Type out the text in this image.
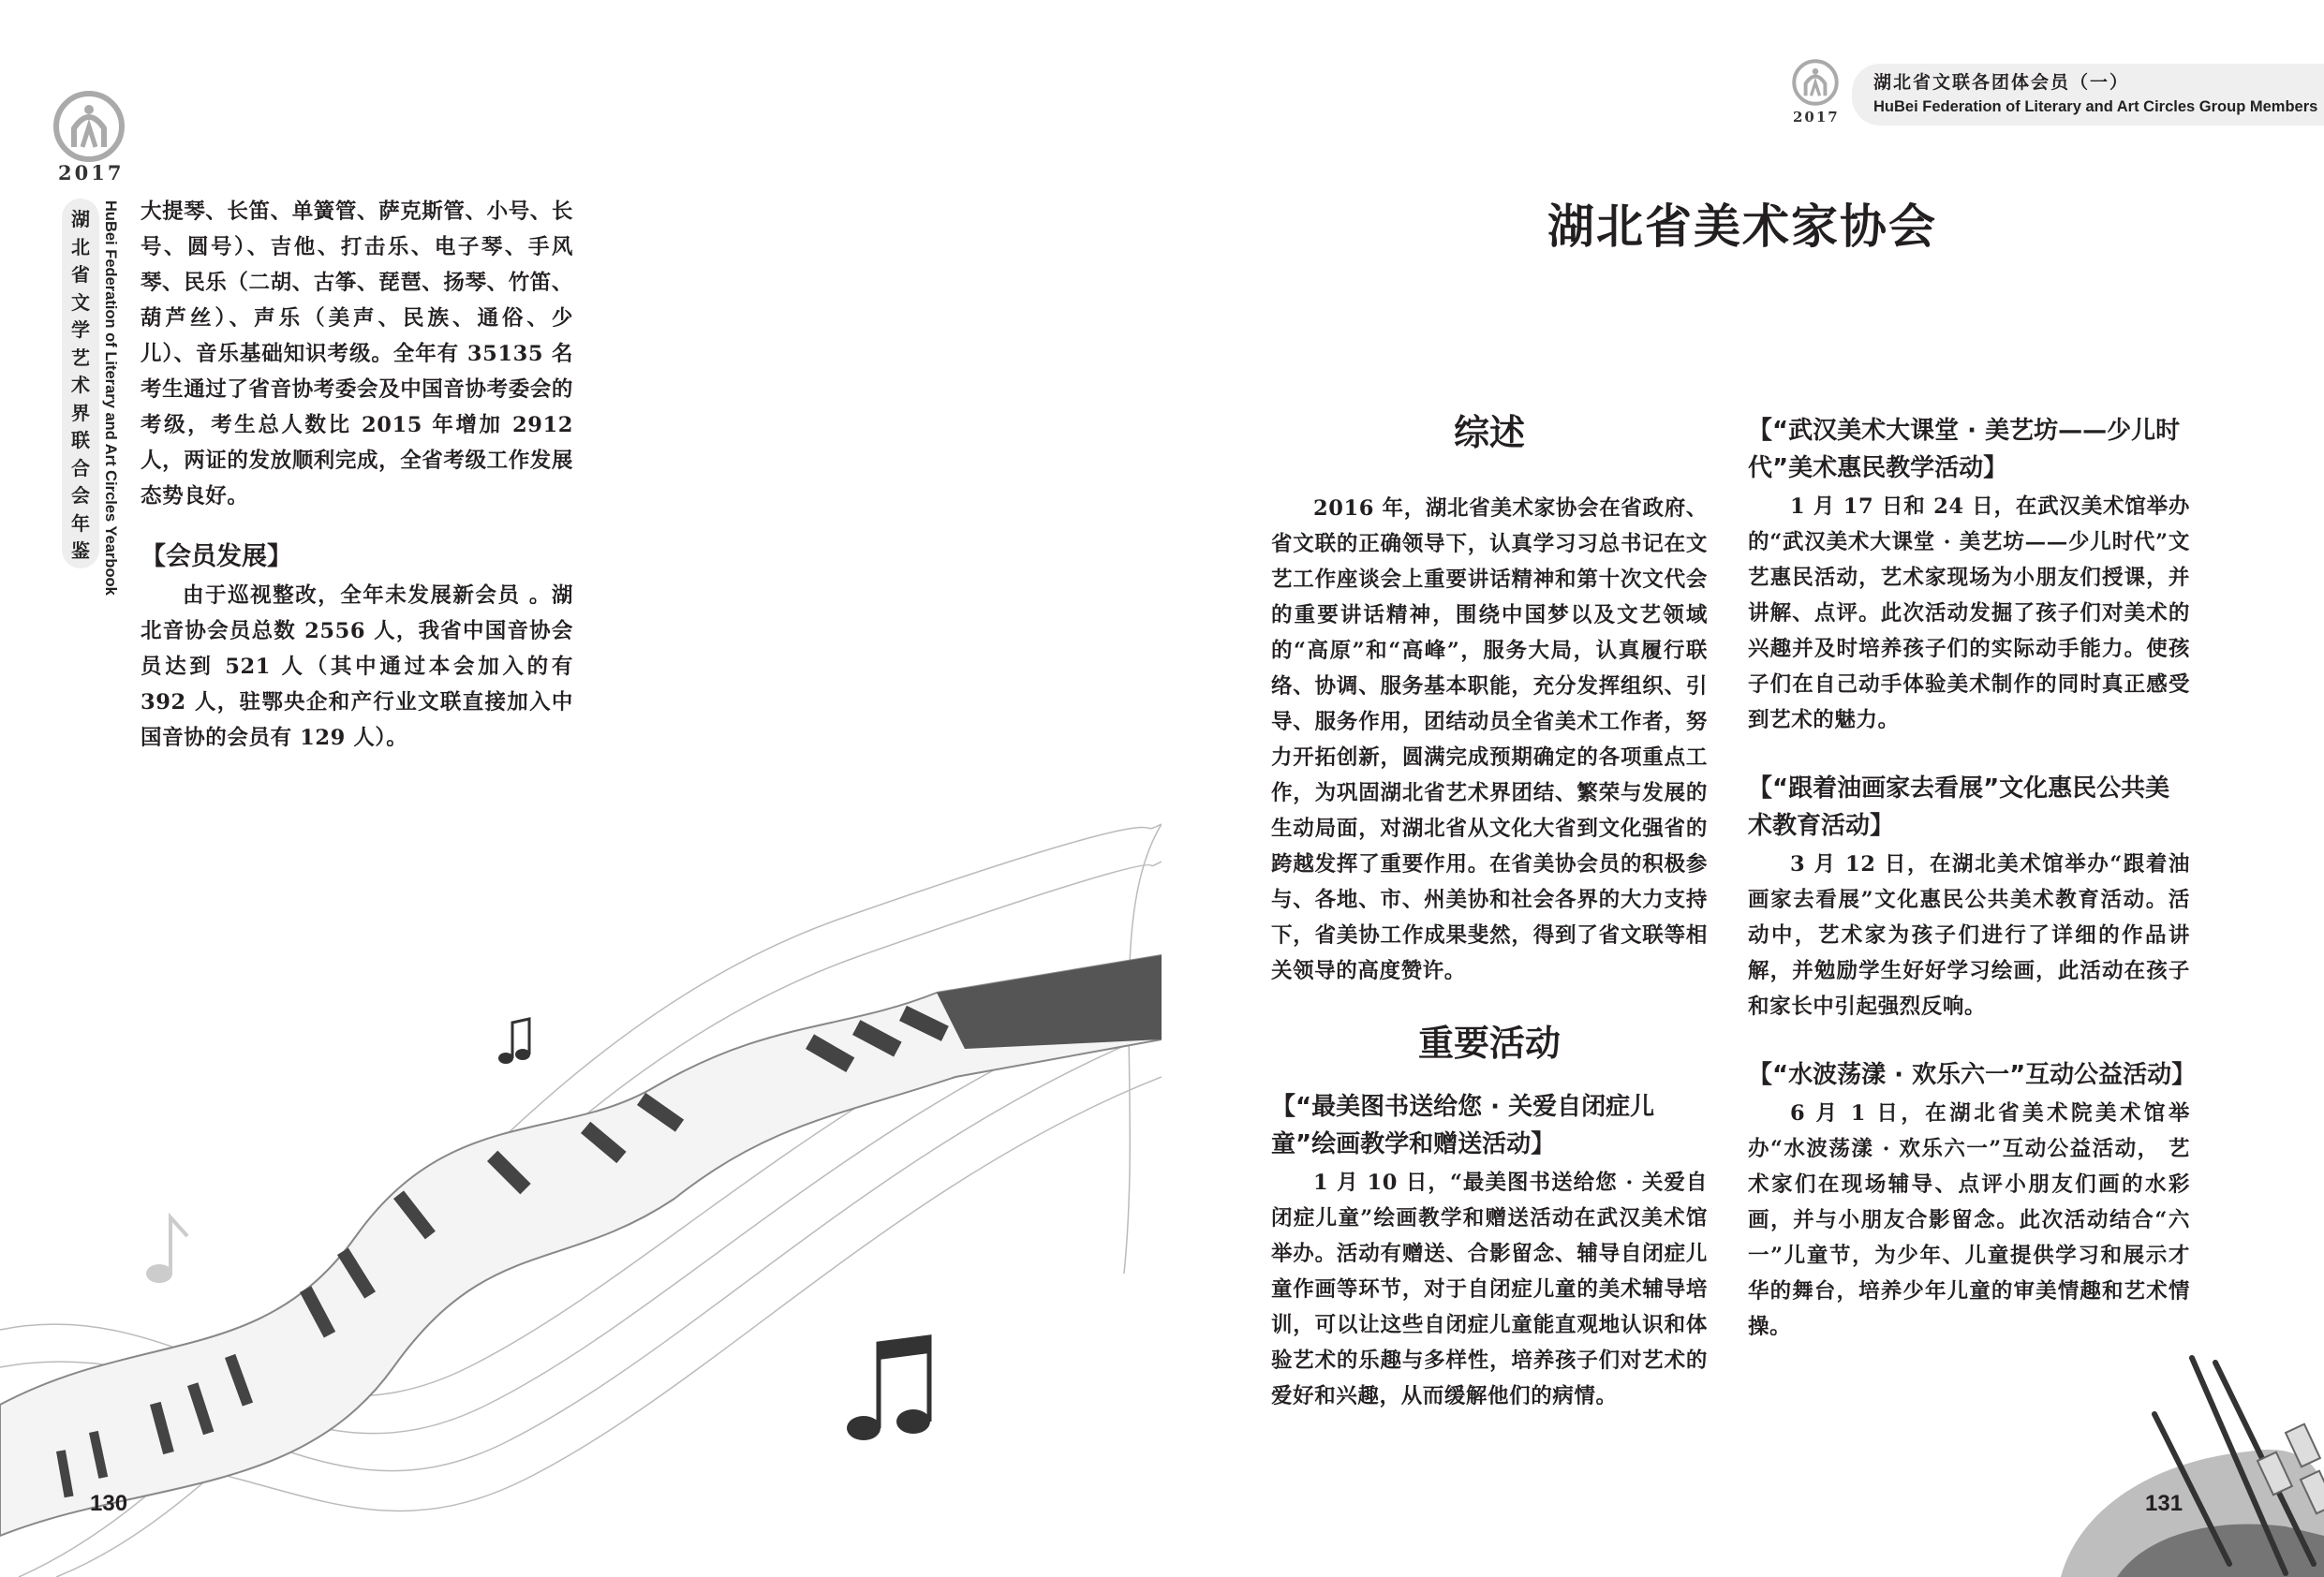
2017
湖北省文学艺术界联合会年鉴 HuBei Federation of Literary and Art Circles Yearbook 大提琴、长笛、单簧管、萨克斯管、小号、长号、圆号）、吉他、打击乐、电子琴、手风琴、民乐（二胡、古筝、琵琶、扬琴、竹笛、葫芦丝）、声乐（美声、民族、通俗、少儿）、音乐基础知识考级。全年有 35135 名考生通过了省音协考委会及中国音协考委会的考级，考生总人数比 2015 年增加 2912 人，两证的发放顺利完成，全省考级工作发展态势良好。

【会员发展】

由于巡视整改，全年未发展新会员 。湖北音协会员总数 2556 人，我省中国音协会员达到 521 人（其中通过本会加入的有 392 人，驻鄂央企和产行业文联直接加入中国音协的会员有 129 人）。

130
2017
湖北省文联各团体会员（一）
HuBei Federation of Literary and Art Circles Group Members
湖北省美术家协会
综述

2016 年，湖北省美术家协会在省政府、省文联的正确领导下，认真学习习总书记在文艺工作座谈会上重要讲话精神和第十次文代会的重要讲话精神，围绕中国梦以及文艺领域的“高原”和“高峰”，服务大局，认真履行联络、协调、服务基本职能，充分发挥组织、引导、服务作用，团结动员全省美术工作者，努力开拓创新，圆满完成预期确定的各项重点工作，为巩固湖北省艺术界团结、繁荣与发展的生动局面，对湖北省从文化大省到文化强省的跨越发挥了重要作用。在省美协会员的积极参与、各地、市、州美协和社会各界的大力支持下，省美协工作成果斐然，得到了省文联等相关领导的高度赞许。

重要活动

【“最美图书送给您 · 关爱自闭症儿童”绘画教学和赠送活动】

1 月 10 日，“最美图书送给您 · 关爱自闭症儿童”绘画教学和赠送活动在武汉美术馆举办。活动有赠送、合影留念、辅导自闭症儿童作画等环节，对于自闭症儿童的美术辅导培训，可以让这些自闭症儿童能直观地认识和体验艺术的乐趣与多样性，培养孩子们对艺术的爱好和兴趣，从而缓解他们的病情。

【“武汉美术大课堂 · 美艺坊——少儿时代”美术惠民教学活动】

1 月 17 日和 24 日，在武汉美术馆举办的“武汉美术大课堂 · 美艺坊——少儿时代”文艺惠民活动，艺术家现场为小朋友们授课，并讲解、点评。此次活动发掘了孩子们对美术的兴趣并及时培养孩子们的实际动手能力。使孩子们在自己动手体验美术制作的同时真正感受到艺术的魅力。

【“跟着油画家去看展”文化惠民公共美术教育活动】

3 月 12 日，在湖北美术馆举办“跟着油画家去看展”文化惠民公共美术教育活动。活动中，艺术家为孩子们进行了详细的作品讲解，并勉励学生好好学习绘画，此活动在孩子和家长中引起强烈反响。

【“水波荡漾 · 欢乐六一”互动公益活动】

6 月 1 日，在湖北省美术院美术馆举办“水波荡漾 · 欢乐六一”互动公益活动， 艺术家们在现场辅导、点评小朋友们画的水彩画，并与小朋友合影留念。此次活动结合“六一”儿童节，为少年、儿童提供学习和展示才华的舞台，培养少年儿童的审美情趣和艺术情操。

131
